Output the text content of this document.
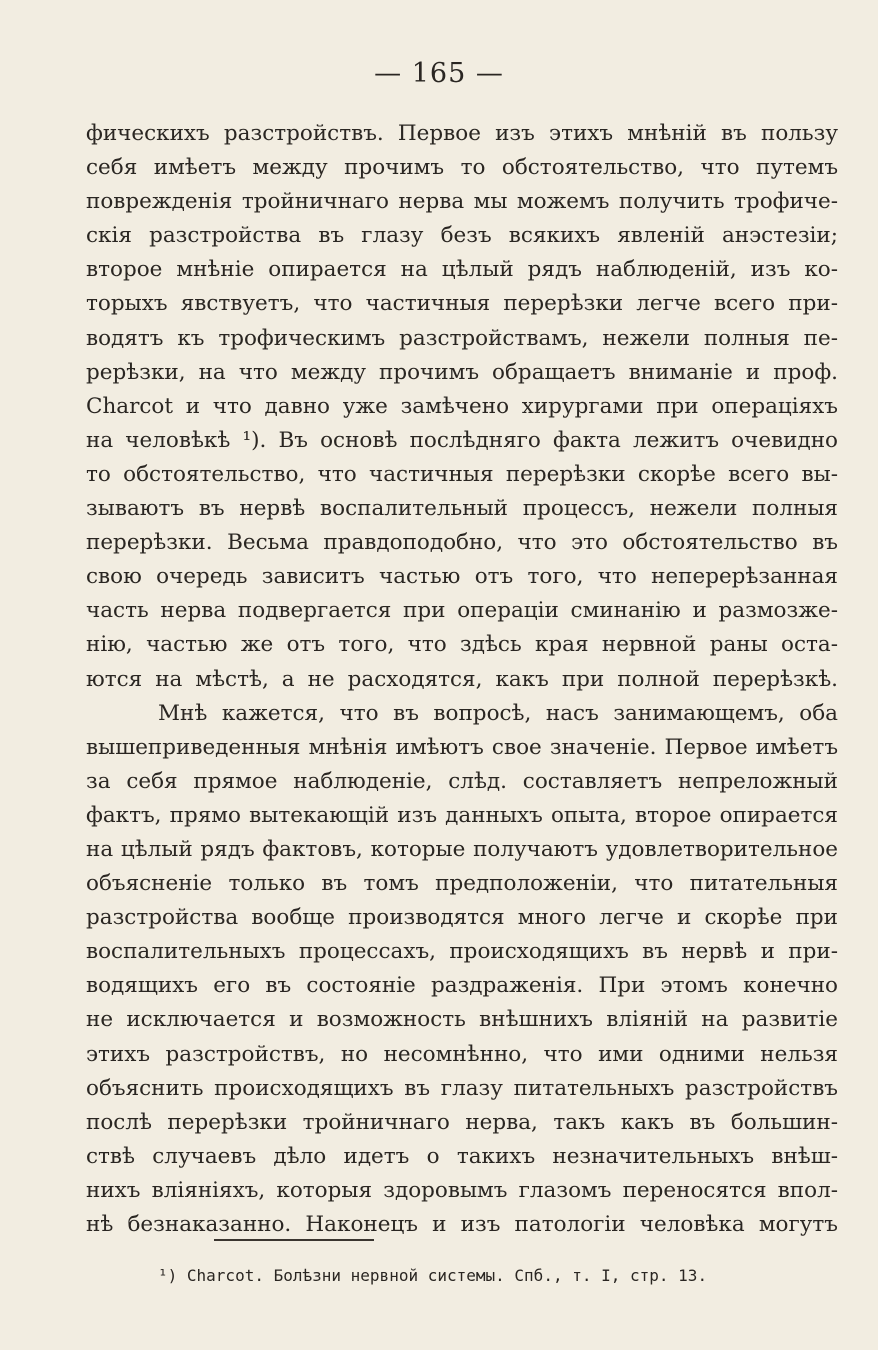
— 165 —
фическихъ разстройствъ. Первое изъ этихъ мнѣній въ пользу
себя имѣетъ между прочимъ то обстоятельство, что путемъ
поврежденія тройничнаго нерва мы можемъ получить трофиче-
скія разстройства въ глазу безъ всякихъ явленій анэстезіи;
второе мнѣніе опирается на цѣлый рядъ наблюденій, изъ ко-
торыхъ явствуетъ, что частичныя перерѣзки легче всего при-
водятъ къ трофическимъ разстройствамъ, нежели полныя пе-
рерѣзки, на что между прочимъ обращаетъ вниманіе и проф.
Charcot и что давно уже замѣчено хирургами при операціяхъ
на человѣкѣ ¹). Въ основѣ послѣдняго факта лежитъ очевидно
то обстоятельство, что частичныя перерѣзки скорѣе всего вы-
зываютъ въ нервѣ воспалительный процессъ, нежели полныя
перерѣзки. Весьма правдоподобно, что это обстоятельство въ
свою очередь зависитъ частью отъ того, что неперерѣзанная
часть нерва подвергается при операціи сминанію и размозже-
нію, частью же отъ того, что здѣсь края нервной раны оста-
ются на мѣстѣ, а не расходятся, какъ при полной перерѣзкѣ.
Мнѣ кажется, что въ вопросѣ, насъ занимающемъ, оба
вышеприведенныя мнѣнія имѣютъ свое значеніе. Первое имѣетъ
за себя прямое наблюденіе, слѣд. составляетъ непреложный
фактъ, прямо вытекающій изъ данныхъ опыта, второе опирается
на цѣлый рядъ фактовъ, которые получаютъ удовлетворительное
объясненіе только въ томъ предположеніи, что питательныя
разстройства вообще производятся много легче и скорѣе при
воспалительныхъ процессахъ, происходящихъ въ нервѣ и при-
водящихъ его въ состояніе раздраженія. При этомъ конечно
не исключается и возможность внѣшнихъ вліяній на развитіе
этихъ разстройствъ, но несомнѣнно, что ими одними нельзя
объяснить происходящихъ въ глазу питательныхъ разстройствъ
послѣ перерѣзки тройничнаго нерва, такъ какъ въ большин-
ствѣ случаевъ дѣло идетъ о такихъ незначительныхъ внѣш-
нихъ вліяніяхъ, которыя здоровымъ глазомъ переносятся впол-
нѣ безнаказанно. Наконецъ и изъ патологіи человѣка могутъ
¹) Charcot. Болѣзни нервной системы. Спб., т. I, стр. 13.
